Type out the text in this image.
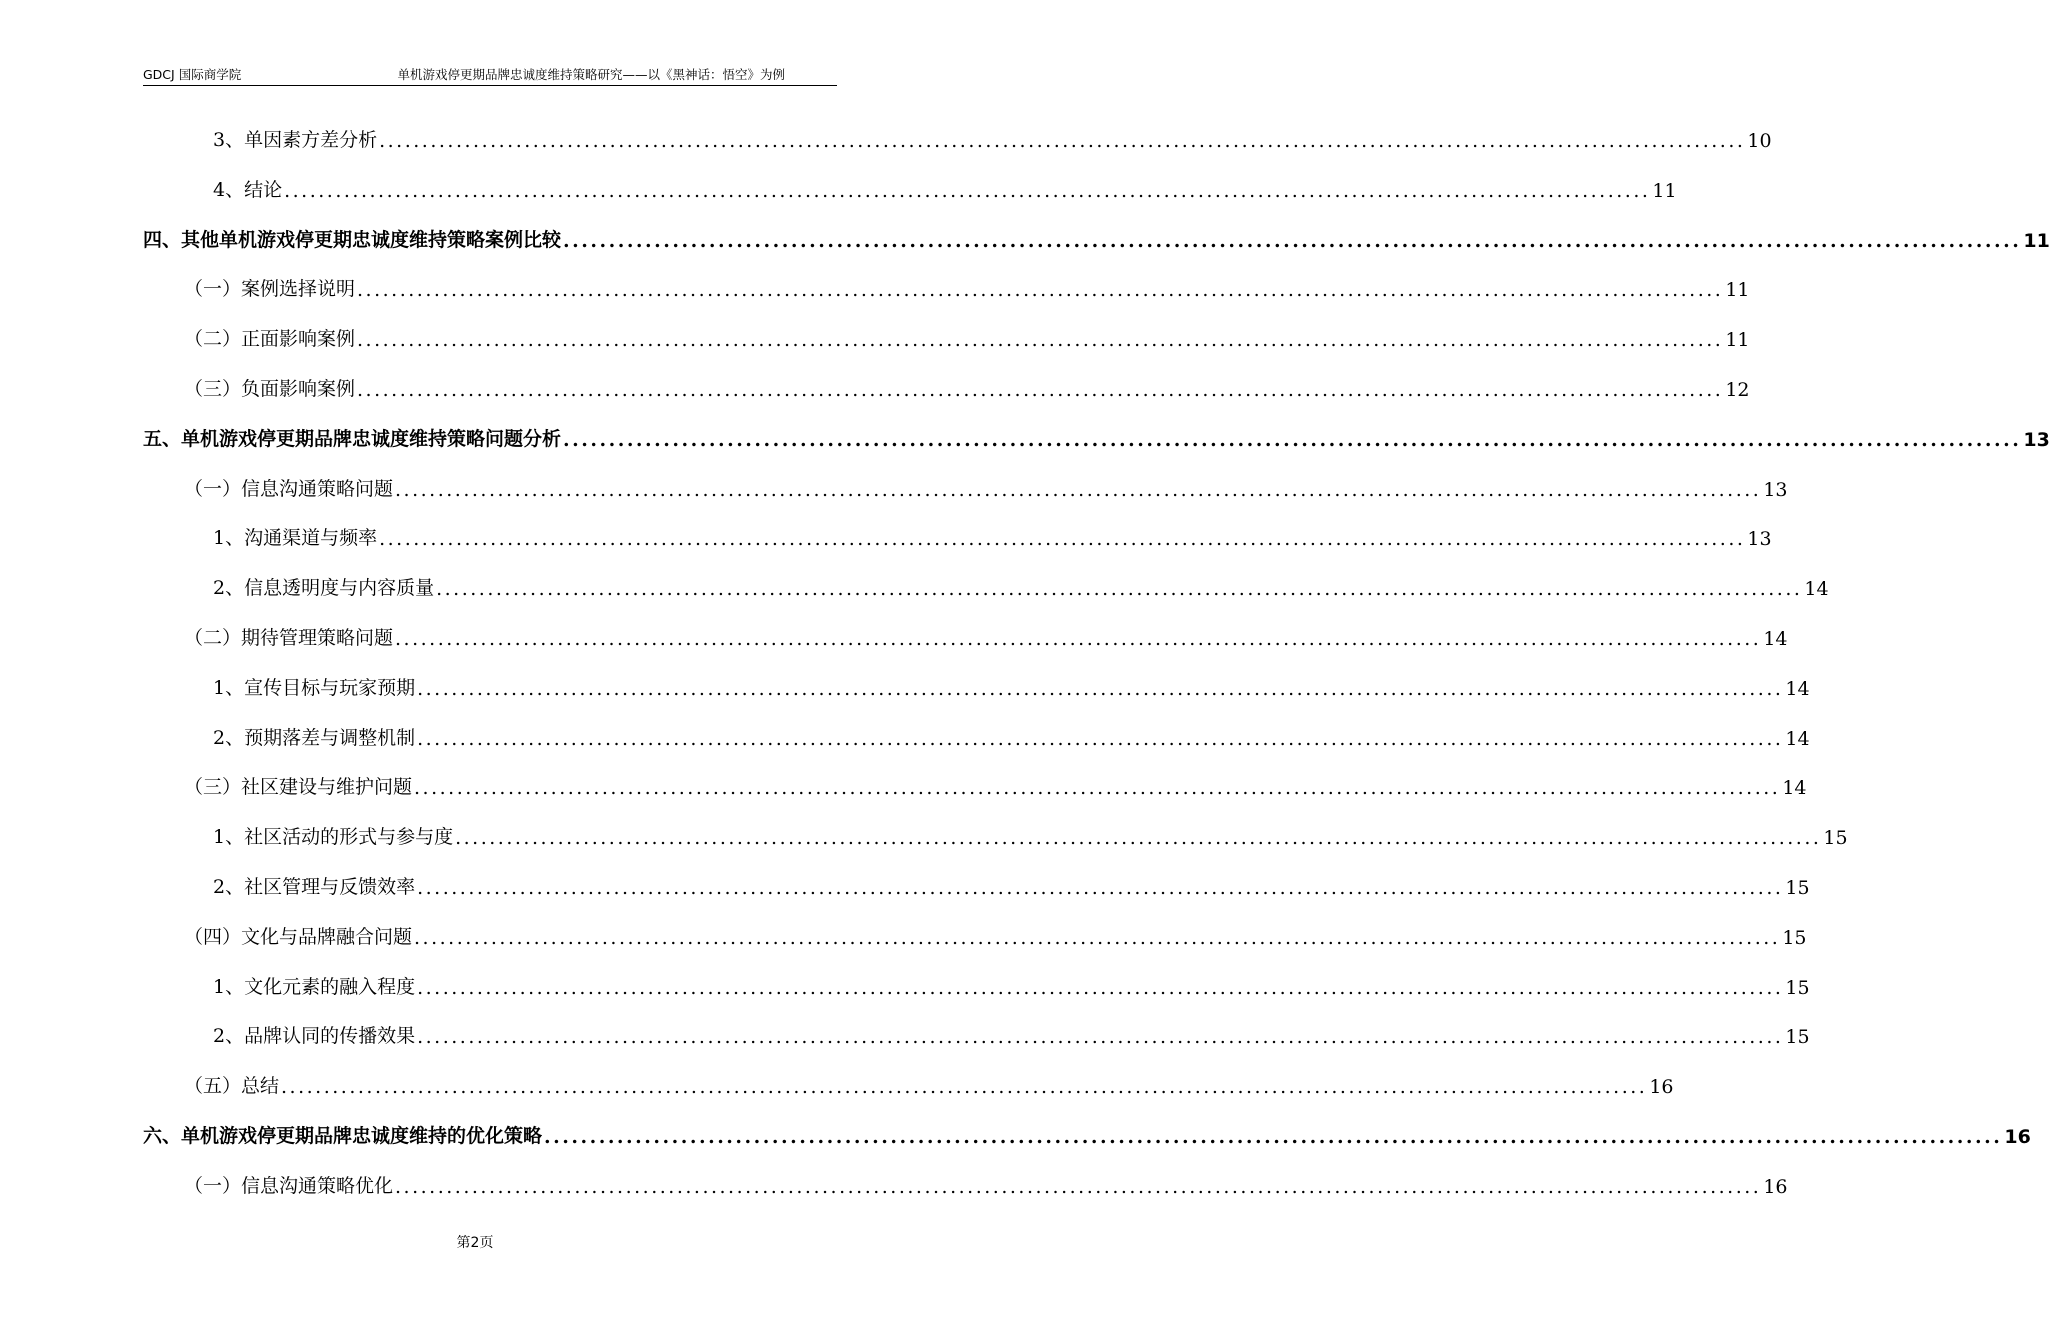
GDCJ 国际商学院	单机游戏停更期品牌忠诚度维持策略研究——以《黑神话：悟空》为例
3、单因素方差分析 ................................................................................................................................................................ 10
4、结论 ................................................................................................................................................................ 11
四、其他单机游戏停更期忠诚度维持策略案例比较 ................................................................................................................................................................ 11
（一）案例选择说明 ................................................................................................................................................................ 11
（二）正面影响案例 ................................................................................................................................................................ 11
（三）负面影响案例 ................................................................................................................................................................ 12
五、单机游戏停更期品牌忠诚度维持策略问题分析 ................................................................................................................................................................ 13
（一）信息沟通策略问题 ................................................................................................................................................................ 13
1、沟通渠道与频率 ................................................................................................................................................................ 13
2、信息透明度与内容质量 ................................................................................................................................................................ 14
（二）期待管理策略问题 ................................................................................................................................................................ 14
1、宣传目标与玩家预期 ................................................................................................................................................................ 14
2、预期落差与调整机制 ................................................................................................................................................................ 14
（三）社区建设与维护问题 ................................................................................................................................................................ 14
1、社区活动的形式与参与度 ................................................................................................................................................................ 15
2、社区管理与反馈效率 ................................................................................................................................................................ 15
（四）文化与品牌融合问题 ................................................................................................................................................................ 15
1、文化元素的融入程度 ................................................................................................................................................................ 15
2、品牌认同的传播效果 ................................................................................................................................................................ 15
（五）总结 ................................................................................................................................................................ 16
六、单机游戏停更期品牌忠诚度维持的优化策略 ................................................................................................................................................................ 16
（一）信息沟通策略优化 ................................................................................................................................................................ 16
第2页
